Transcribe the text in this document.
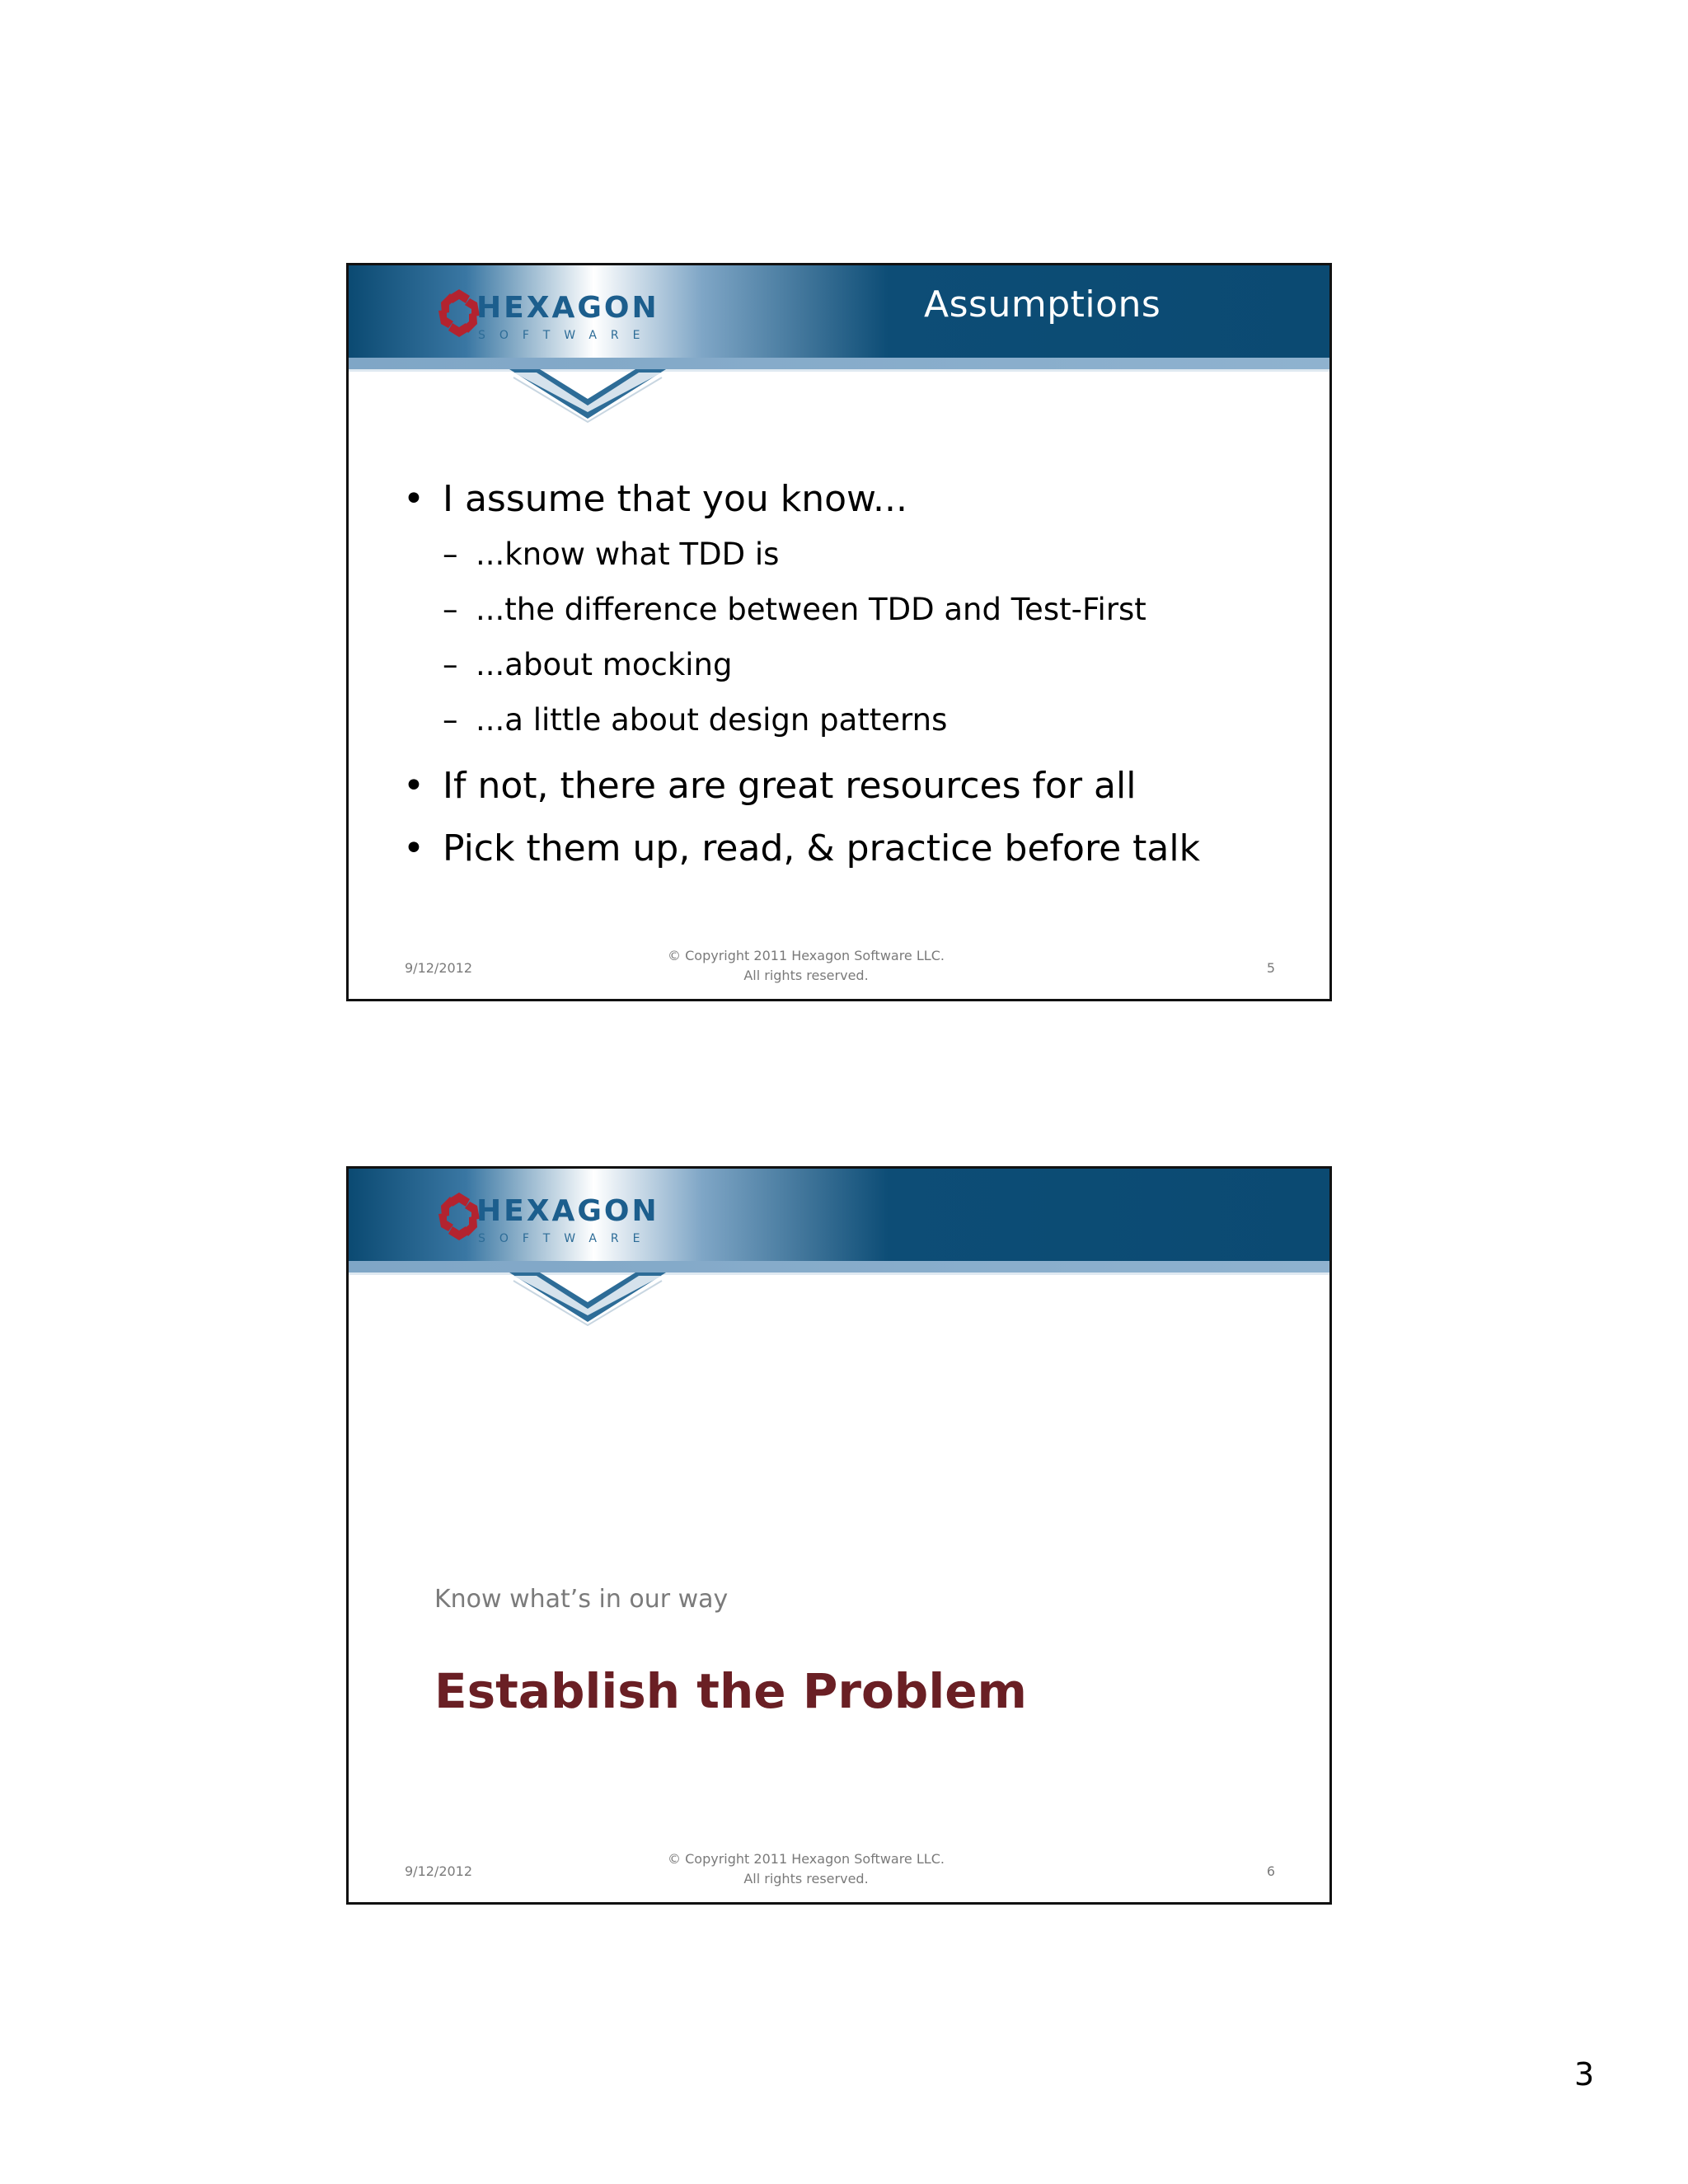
HEXAGON
SOFTWARE
Assumptions
• I assume that you know...
– ...know what TDD is
– ...the difference between TDD and Test-First
– ...about mocking
– ...a little about design patterns
• If not, there are great resources for all
• Pick them up, read, & practice before talk
9/12/2012
© Copyright 2011 Hexagon Software LLC.
All rights reserved.	5
HEXAGON
SOFTWARE
Know what’s in our way
Establish the Problem
9/12/2012
© Copyright 2011 Hexagon Software LLC.
All rights reserved.	6
3
